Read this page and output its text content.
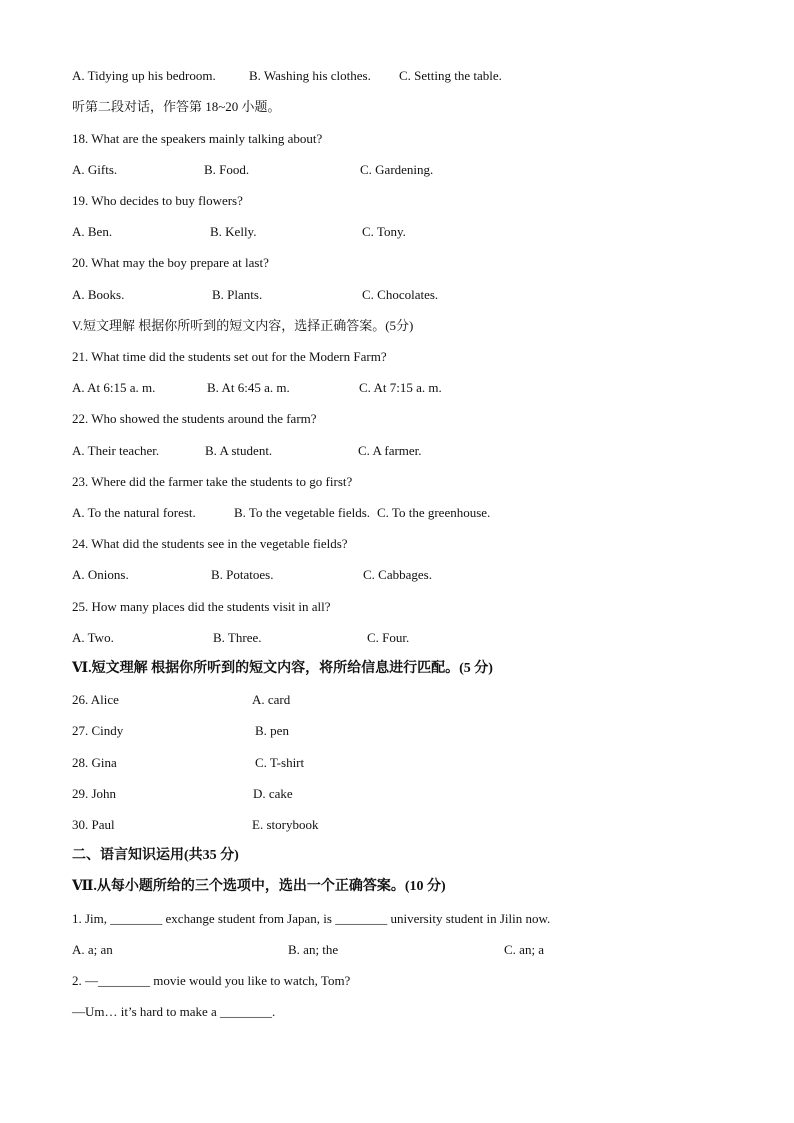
A. Tidying up his bedroom.	B. Washing his clothes. C. Setting the table.
听第二段对话，作答第 18~20 小题。
18. What are the speakers mainly talking about?
A. Gifts.	B. Food.	C. Gardening.
19. Who decides to buy flowers?
A. Ben.	B. Kelly.	C. Tony.
20. What may the boy prepare at last?
A. Books.	B. Plants.	C. Chocolates.
V.短文理解 根据你所听到的短文内容，选择正确答案。(5分)
21. What time did the students set out for the Modern Farm?
A. At 6:15 a. m.	B. At 6:45 a. m.	C. At 7:15 a. m.
22. Who showed the students around the farm?
A. Their teacher.	B. A student.	C. A farmer.
23. Where did the farmer take the students to go first?
A. To the natural forest.	B. To the vegetable fields. C. To the greenhouse.
24. What did the students see in the vegetable fields?
A. Onions.	B. Potatoes.	C. Cabbages.
25. How many places did the students visit in all?
A. Two.	B. Three.	C. Four.
Ⅵ.短文理解 根据你所听到的短文内容，将所给信息进行匹配。(5 分)
26. Alice	A. card
27. Cindy	B. pen
28. Gina	C. T-shirt
29. John	D. cake
30. Paul	E. storybook
二、语言知识运用(共35 分)
Ⅶ.从每小题所给的三个选项中，选出一个正确答案。(10 分)
1. Jim, ________ exchange student from Japan, is ________ university student in Jilin now.
A. a; an	B. an; the	C. an; a
2. —________ movie would you like to watch, Tom?
—Um… it’s hard to make a ________.
